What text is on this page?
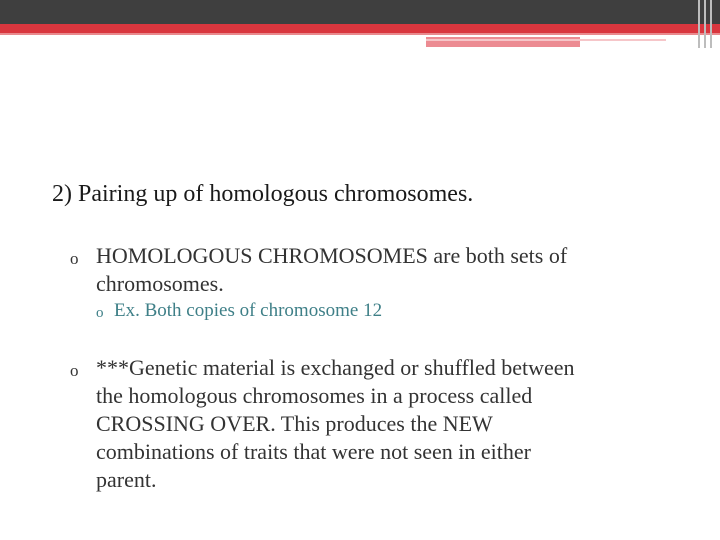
2) Pairing up of homologous chromosomes.
o HOMOLOGOUS CHROMOSOMES are both sets of
chromosomes.
o Ex. Both copies of chromosome 12
o ***Genetic material is exchanged or shuffled between
the homologous chromosomes in a process called
CROSSING OVER. This produces the NEW
combinations of traits that were not seen in either
parent.
